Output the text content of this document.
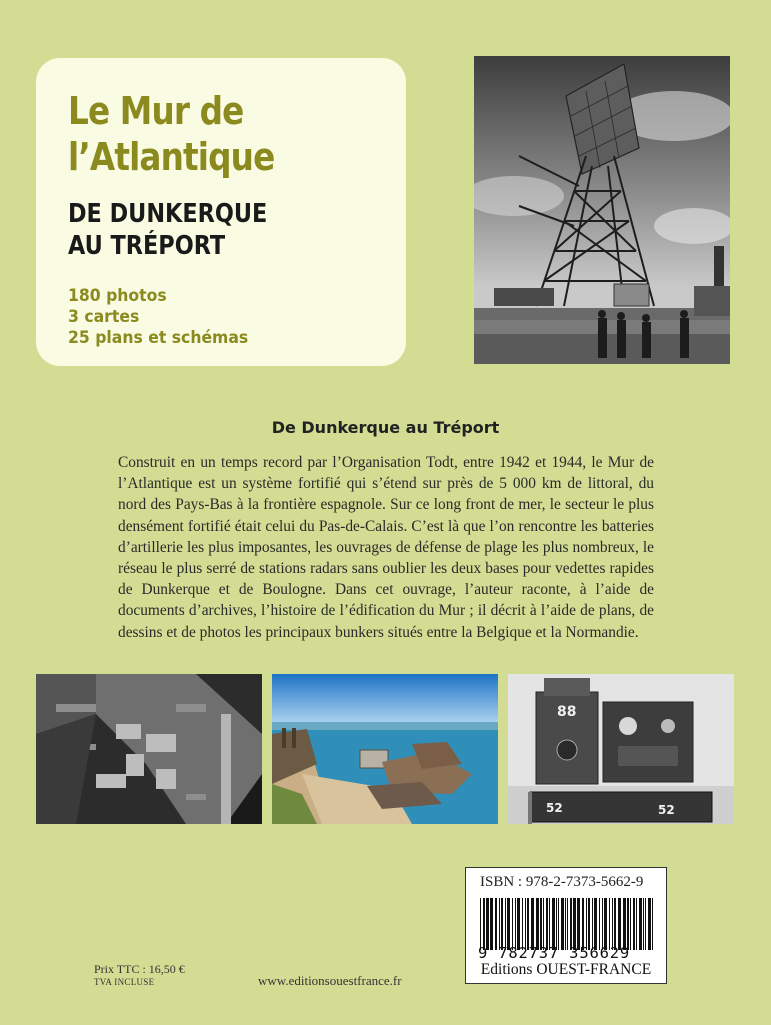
Le Mur de
l’Atlantique
DE DUNKERQUE
AU TRÉPORT
180 photos
3 cartes
25 plans et schémas
De Dunkerque au Tréport

Construit en un temps record par l’Organisation Todt, entre 1942 et 1944, le Mur de l’Atlantique est un système fortifié qui s’étend sur près de 5 000 km de littoral, du nord des Pays-Bas à la frontière espagnole. Sur ce long front de mer, le secteur le plus densément fortifié était celui du Pas-de-Calais. C’est là que l’on rencontre les batteries d’artillerie les plus imposantes, les ouvrages de défense de plage les plus nombreux, le réseau le plus serré de stations radars sans oublier les deux bases pour vedettes rapides de Dunkerque et de Boulogne. Dans cet ouvrage, l’auteur raconte, à l’aide de documents d’archives, l’histoire de l’édification du Mur ; il décrit à l’aide de plans, de dessins et de photos les principaux bunkers situés entre la Belgique et la Normandie.

88
52	52
ISBN : 978-2-7373-5662-9
9 782737 356629
Editions OUEST-FRANCE
Prix TTC : 16,50 €
TVA INCLUSE	www.editionsouestfrance.fr
